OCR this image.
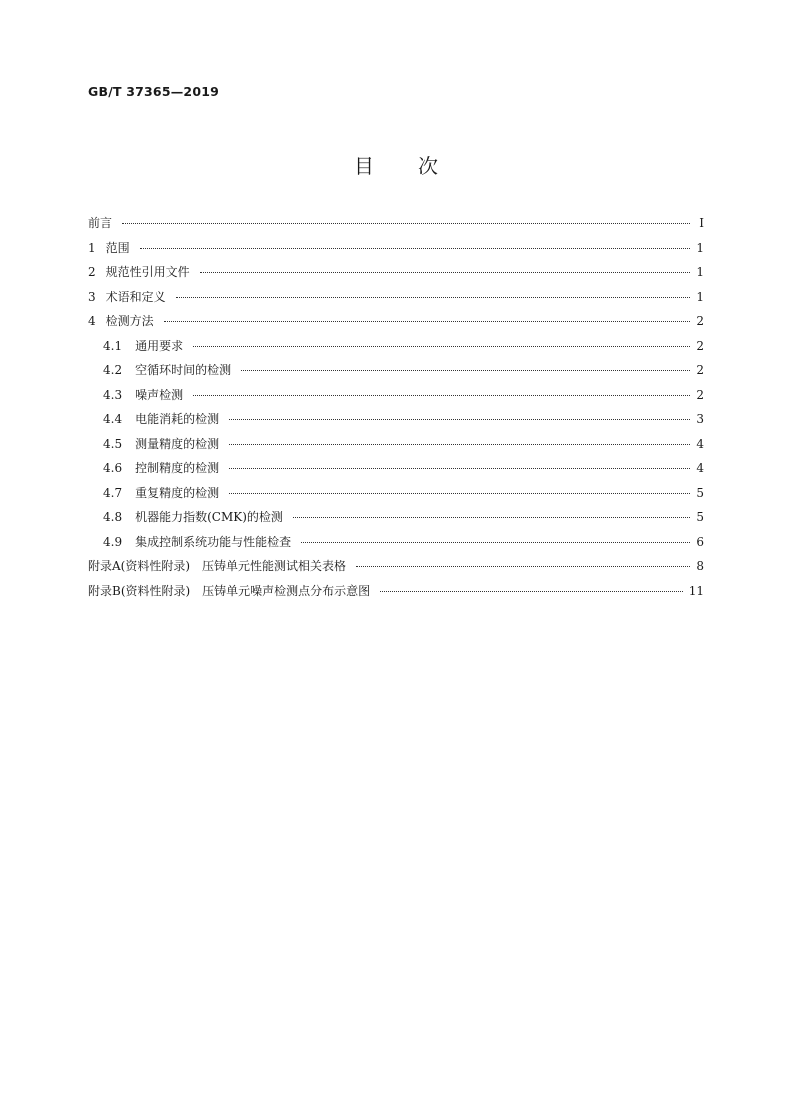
GB/T 37365—2019
目次
前言	I
1 范围	1
2 规范性引用文件	1
3 术语和定义	1
4 检测方法	2
4.1 通用要求	2
4.2 空循环时间的检测	2
4.3 噪声检测	2
4.4 电能消耗的检测	3
4.5 测量精度的检测	4
4.6 控制精度的检测	4
4.7 重复精度的检测	5
4.8 机器能力指数(CMK)的检测	5
4.9 集成控制系统功能与性能检查	6
附录A(资料性附录)　压铸单元性能测试相关表格	8
附录B(资料性附录)　压铸单元噪声检测点分布示意图	11
